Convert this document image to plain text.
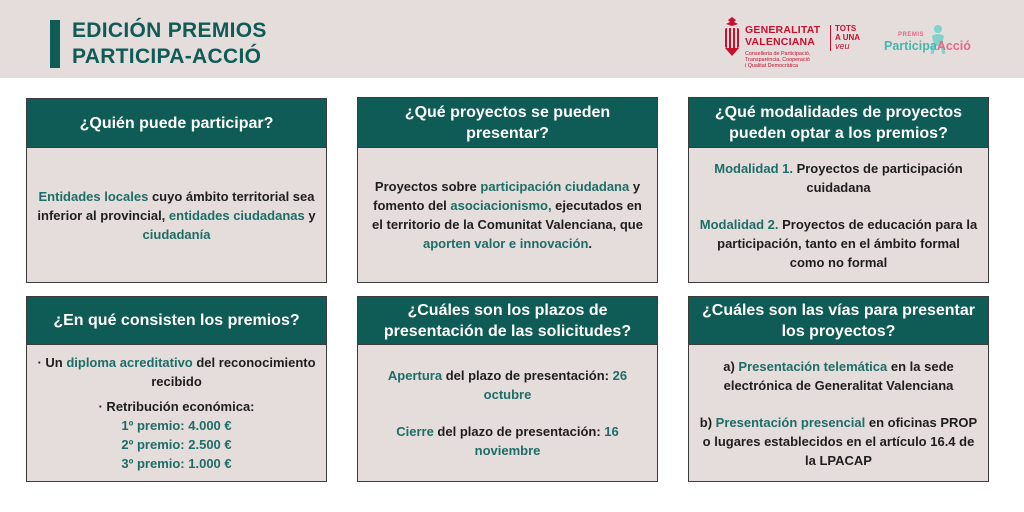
EDICIÓN PREMIOS
PARTICIPA-ACCIÓ
GENERALITAT
VALENCIANA
TOTS
A UNA
veu
Conselleria de Participació,
Transparència, Cooperació
i Qualitat Democràtica
PREMIS
ParticipaAcció
¿Quién puede participar?

Entidades locales cuyo ámbito territorial sea inferior al provincial, entidades ciudadanas y ciudadanía

¿Qué proyectos se pueden presentar?

Proyectos sobre participación ciudadana y fomento del asociacionismo, ejecutados en el territorio de la Comunitat Valenciana, que aporten valor e innovación.

¿Qué modalidades de proyectos pueden optar a los premios?

Modalidad 1. Proyectos de participación cuidadana

Modalidad 2. Proyectos de educación para la participación, tanto en el ámbito formal como no formal

¿En qué consisten los premios?

· Un diploma acreditativo del reconocimiento recibido

· Retribución económica:

1º premio: 4.000 €

2º premio: 2.500 €

3º premio: 1.000 €

¿Cuáles son los plazos de presentación de las solicitudes?

Apertura del plazo de presentación: 26 octubre

Cierre del plazo de presentación: 16 noviembre

¿Cuáles son las vías para presentar los proyectos?

a) Presentación telemática en la sede electrónica de Generalitat Valenciana

b) Presentación presencial en oficinas PROP o lugares establecidos en el artículo 16.4 de la LPACAP
